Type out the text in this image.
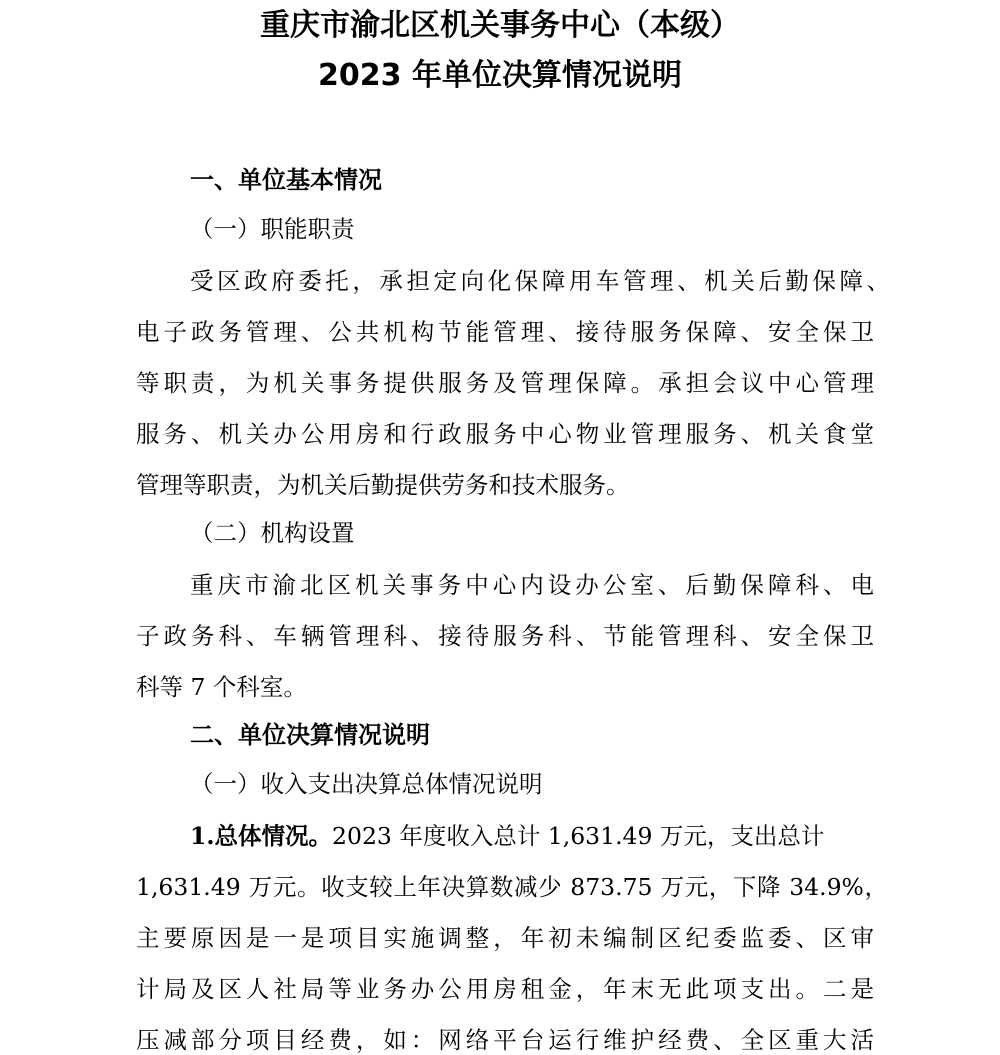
重庆市渝北区机关事务中心（本级）
2023 年单位决算情况说明
一、单位基本情况
（一）职能职责
受区政府委托，承担定向化保障用车管理、机关后勤保障、
电子政务管理、公共机构节能管理、接待服务保障、安全保卫
等职责，为机关事务提供服务及管理保障。承担会议中心管理
服务、机关办公用房和行政服务中心物业管理服务、机关食堂
管理等职责，为机关后勤提供劳务和技术服务。
（二）机构设置
重庆市渝北区机关事务中心内设办公室、后勤保障科、电
子政务科、车辆管理科、接待服务科、节能管理科、安全保卫
科等 7 个科室。
二、单位决算情况说明
（一）收入支出决算总体情况说明
1.总体情况。2023 年度收入总计 1,631.49 万元，支出总计
1,631.49 万元。收支较上年决算数减少 873.75 万元，下降 34.9%，
主要原因是一是项目实施调整，年初未编制区纪委监委、区审
计局及区人社局等业务办公用房租金，年末无此项支出。二是
压减部分项目经费，如：网络平台运行维护经费、全区重大活
